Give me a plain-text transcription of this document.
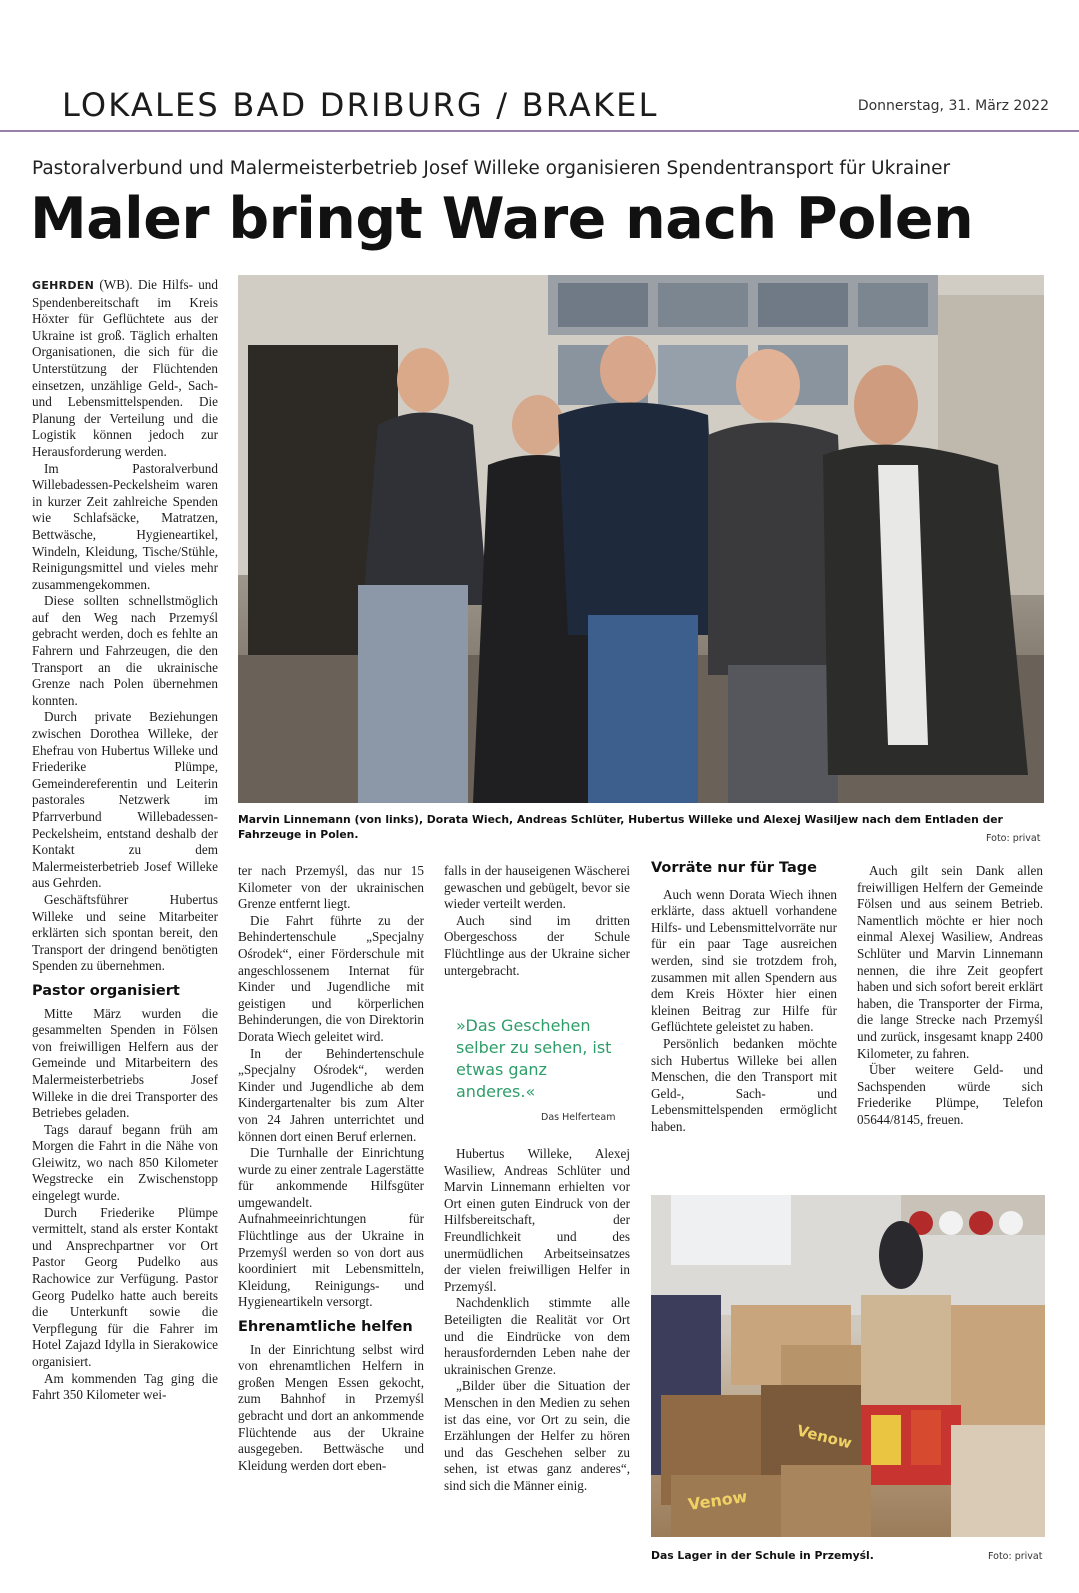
LOKALES BAD DRIBURG / BRAKEL	Donnerstag, 31. März 2022
Pastoralverbund und Malermeisterbetrieb Josef Willeke organisieren Spendentransport für Ukrainer
Maler bringt Ware nach Polen

GEHRDEN (WB). Die Hilfs- und Spendenbereitschaft im Kreis Höxter für Geflüchtete aus der Ukraine ist groß. Täglich erhalten Organisationen, die sich für die Unterstützung der Flüchtenden einsetzen, unzählige Geld-, Sach- und Lebensmittelspenden. Die Planung der Verteilung und die Logistik können jedoch zur Herausforderung werden.

Im Pastoralverbund Willebadessen-Peckelsheim waren in kurzer Zeit zahlreiche Spenden wie Schlafsäcke, Matratzen, Bettwäsche, Hygieneartikel, Windeln, Kleidung, Tische/Stühle, Reinigungsmittel und vieles mehr zusammengekommen.

Diese sollten schnellstmöglich auf den Weg nach Przemyśl gebracht werden, doch es fehlte an Fahrern und Fahrzeugen, die den Transport an die ukrainische Grenze nach Polen übernehmen konnten.

Durch private Beziehungen zwischen Dorothea Willeke, der Ehefrau von Hubertus Willeke und Friederike Plümpe, Gemeindereferentin und Leiterin pastorales Netzwerk im Pfarrverbund Willebadessen-Peckelsheim, entstand deshalb der Kontakt zu dem Malermeisterbetrieb Josef Willeke aus Gehrden.

Geschäftsführer Hubertus Willeke und seine Mitarbeiter erklärten sich spontan bereit, den Transport der dringend benötigten Spenden zu übernehmen.

Pastor organisiert

Mitte März wurden die gesammelten Spenden in Fölsen von freiwilligen Helfern aus der Gemeinde und Mitarbeitern des Malermeisterbetriebs Josef Willeke in die drei Transporter des Betriebes geladen.

Tags darauf begann früh am Morgen die Fahrt in die Nähe von Gleiwitz, wo nach 850 Kilometer Wegstrecke ein Zwischenstopp eingelegt wurde.

Durch Friederike Plümpe vermittelt, stand als erster Kontakt und Ansprechpartner vor Ort Pastor Georg Pudelko aus Rachowice zur Verfügung. Pastor Georg Pudelko hatte auch bereits die Unterkunft sowie die Verpflegung für die Fahrer im Hotel Zajazd Idylla in Sierakowice organisiert.

Am kommenden Tag ging die Fahrt 350 Kilometer wei-

Marvin Linnemann (von links), Dorata Wiech, Andreas Schlüter, Hubertus Willeke und Alexej Wasiljew nach dem Entladen der Fahrzeuge in Polen.	Foto: privat

ter nach Przemyśl, das nur 15 Kilometer von der ukrainischen Grenze entfernt liegt.

Die Fahrt führte zu der Behindertenschule „Specjalny Ośrodek“, einer Förderschule mit angeschlossenem Internat für Kinder und Jugendliche mit geistigen und körperlichen Behinderungen, die von Direktorin Dorata Wiech geleitet wird.

In der Behindertenschule „Specjalny Ośrodek“, werden Kinder und Jugendliche ab dem Kindergartenalter bis zum Alter von 24 Jahren unterrichtet und können dort einen Beruf erlernen.

Die Turnhalle der Einrichtung wurde zu einer zentrale Lagerstätte für ankommende Hilfsgüter umgewandelt. Aufnahmeeinrichtungen für Flüchtlinge aus der Ukraine in Przemyśl werden so von dort aus koordiniert mit Lebensmitteln, Kleidung, Reinigungs- und Hygieneartikeln versorgt.

Ehrenamtliche helfen

In der Einrichtung selbst wird von ehrenamtlichen Helfern in großen Mengen Essen gekocht, zum Bahnhof in Przemyśl gebracht und dort an ankommende Flüchtende aus der Ukraine ausgegeben. Bettwäsche und Kleidung werden dort eben-

falls in der hauseigenen Wäscherei gewaschen und gebügelt, bevor sie wieder verteilt werden.

Auch sind im dritten Obergeschoss der Schule Flüchtlinge aus der Ukraine sicher untergebracht.

»Das Geschehen selber zu sehen, ist etwas ganz anderes.«
Das Helferteam

Hubertus Willeke, Alexej Wasiliew, Andreas Schlüter und Marvin Linnemann erhielten vor Ort einen guten Eindruck von der Hilfsbereitschaft, der Freundlichkeit und des unermüdlichen Arbeitseinsatzes der vielen freiwilligen Helfer in Przemyśl.

Nachdenklich stimmte alle Beteiligten die Realität vor Ort und die Eindrücke von dem herausfordernden Leben nahe der ukrainischen Grenze.

„Bilder über die Situation der Menschen in den Medien zu sehen ist das eine, vor Ort zu sein, die Erzählungen der Helfer zu hören und das Geschehen selber zu sehen, ist etwas ganz anderes“, sind sich die Männer einig.

Vorräte nur für Tage

Auch wenn Dorata Wiech ihnen erklärte, dass aktuell vorhandene Hilfs- und Lebensmittelvorräte nur für ein paar Tage ausreichen werden, sind sie trotzdem froh, zusammen mit allen Spendern aus dem Kreis Höxter hier einen kleinen Beitrag zur Hilfe für Geflüchtete geleistet zu haben.

Persönlich bedanken möchte sich Hubertus Willeke bei allen Menschen, die den Transport mit Geld-, Sach- und Lebensmittelspenden ermöglicht haben.

Auch gilt sein Dank allen freiwilligen Helfern der Gemeinde Fölsen und aus seinem Betrieb. Namentlich möchte er hier noch einmal Alexej Wasiliew, Andreas Schlüter und Marvin Linnemann nennen, die ihre Zeit geopfert haben und sich sofort bereit erklärt haben, die Transporter der Firma, die lange Strecke nach Przemyśl und zurück, insgesamt knapp 2400 Kilometer, zu fahren.

Über weitere Geld- und Sachspenden würde sich Friederike Plümpe, Telefon 05644/8145, freuen.

Venow
Venow
Das Lager in der Schule in Przemyśl.	Foto: privat
